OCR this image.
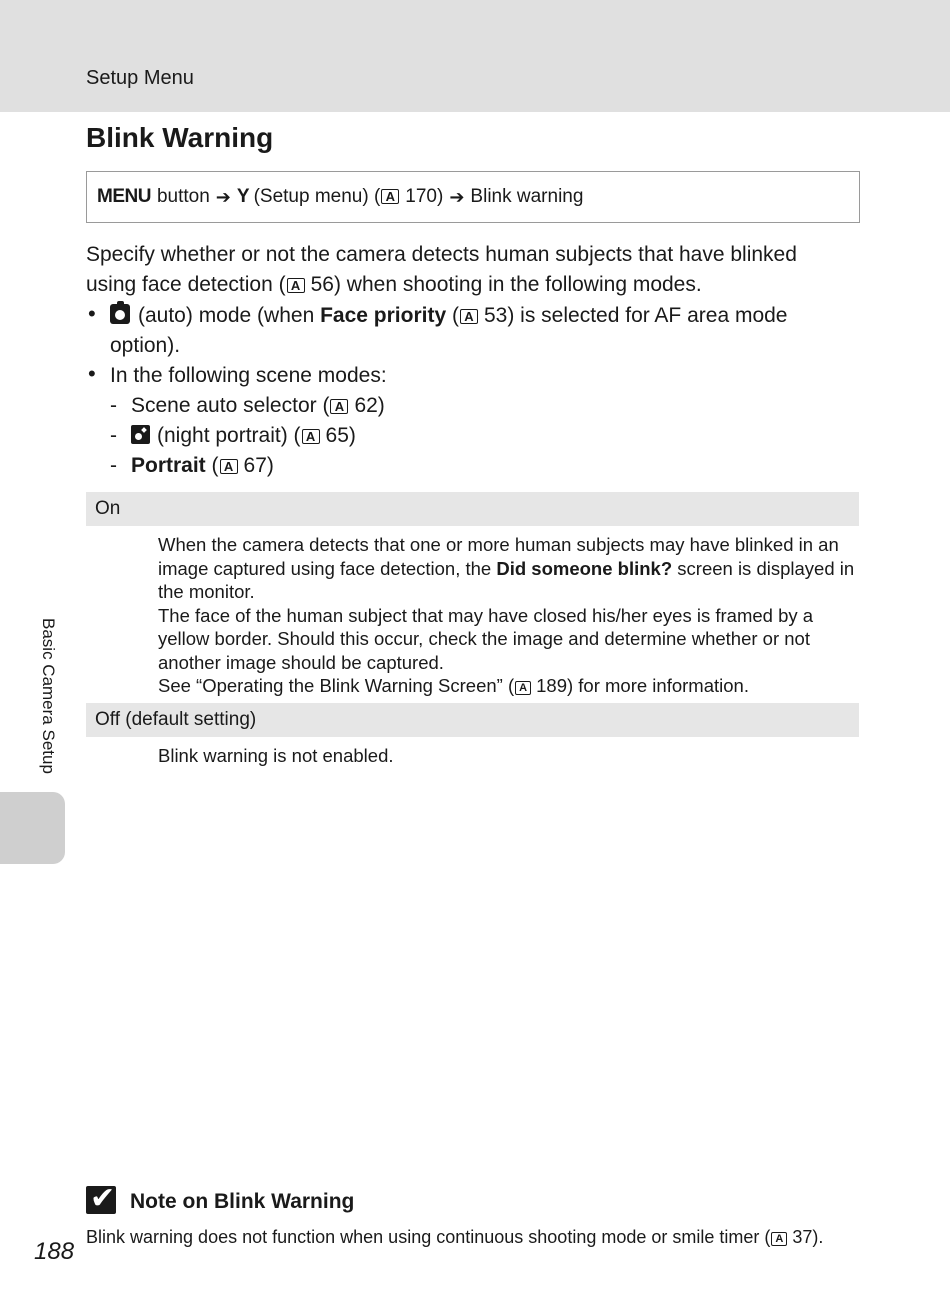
Setup Menu
Blink Warning
MENU button ➔ Y (Setup menu) ( A 170) ➔ Blink warning
Specify whether or not the camera detects human subjects that have blinked using face detection ( A 56) when shooting in the following modes.
•	(auto) mode (when Face priority ( A 53) is selected for AF area mode option).
• In the following scene modes:
- Scene auto selector ( A 62)
- (night portrait) ( A 65)
- Portrait ( A 67)
On
When the camera detects that one or more human subjects may have blinked in an image captured using face detection, the Did someone blink? screen is displayed in the monitor.
The face of the human subject that may have closed his/her eyes is framed by a yellow border. Should this occur, check the image and determine whether or not another image should be captured.
See “Operating the Blink Warning Screen” ( A 189) for more information.
Off (default setting)
Blink warning is not enabled.
Basic Camera Setup
✔ Note on Blink Warning
Blink warning does not function when using continuous shooting mode or smile timer ( A 37).
188
